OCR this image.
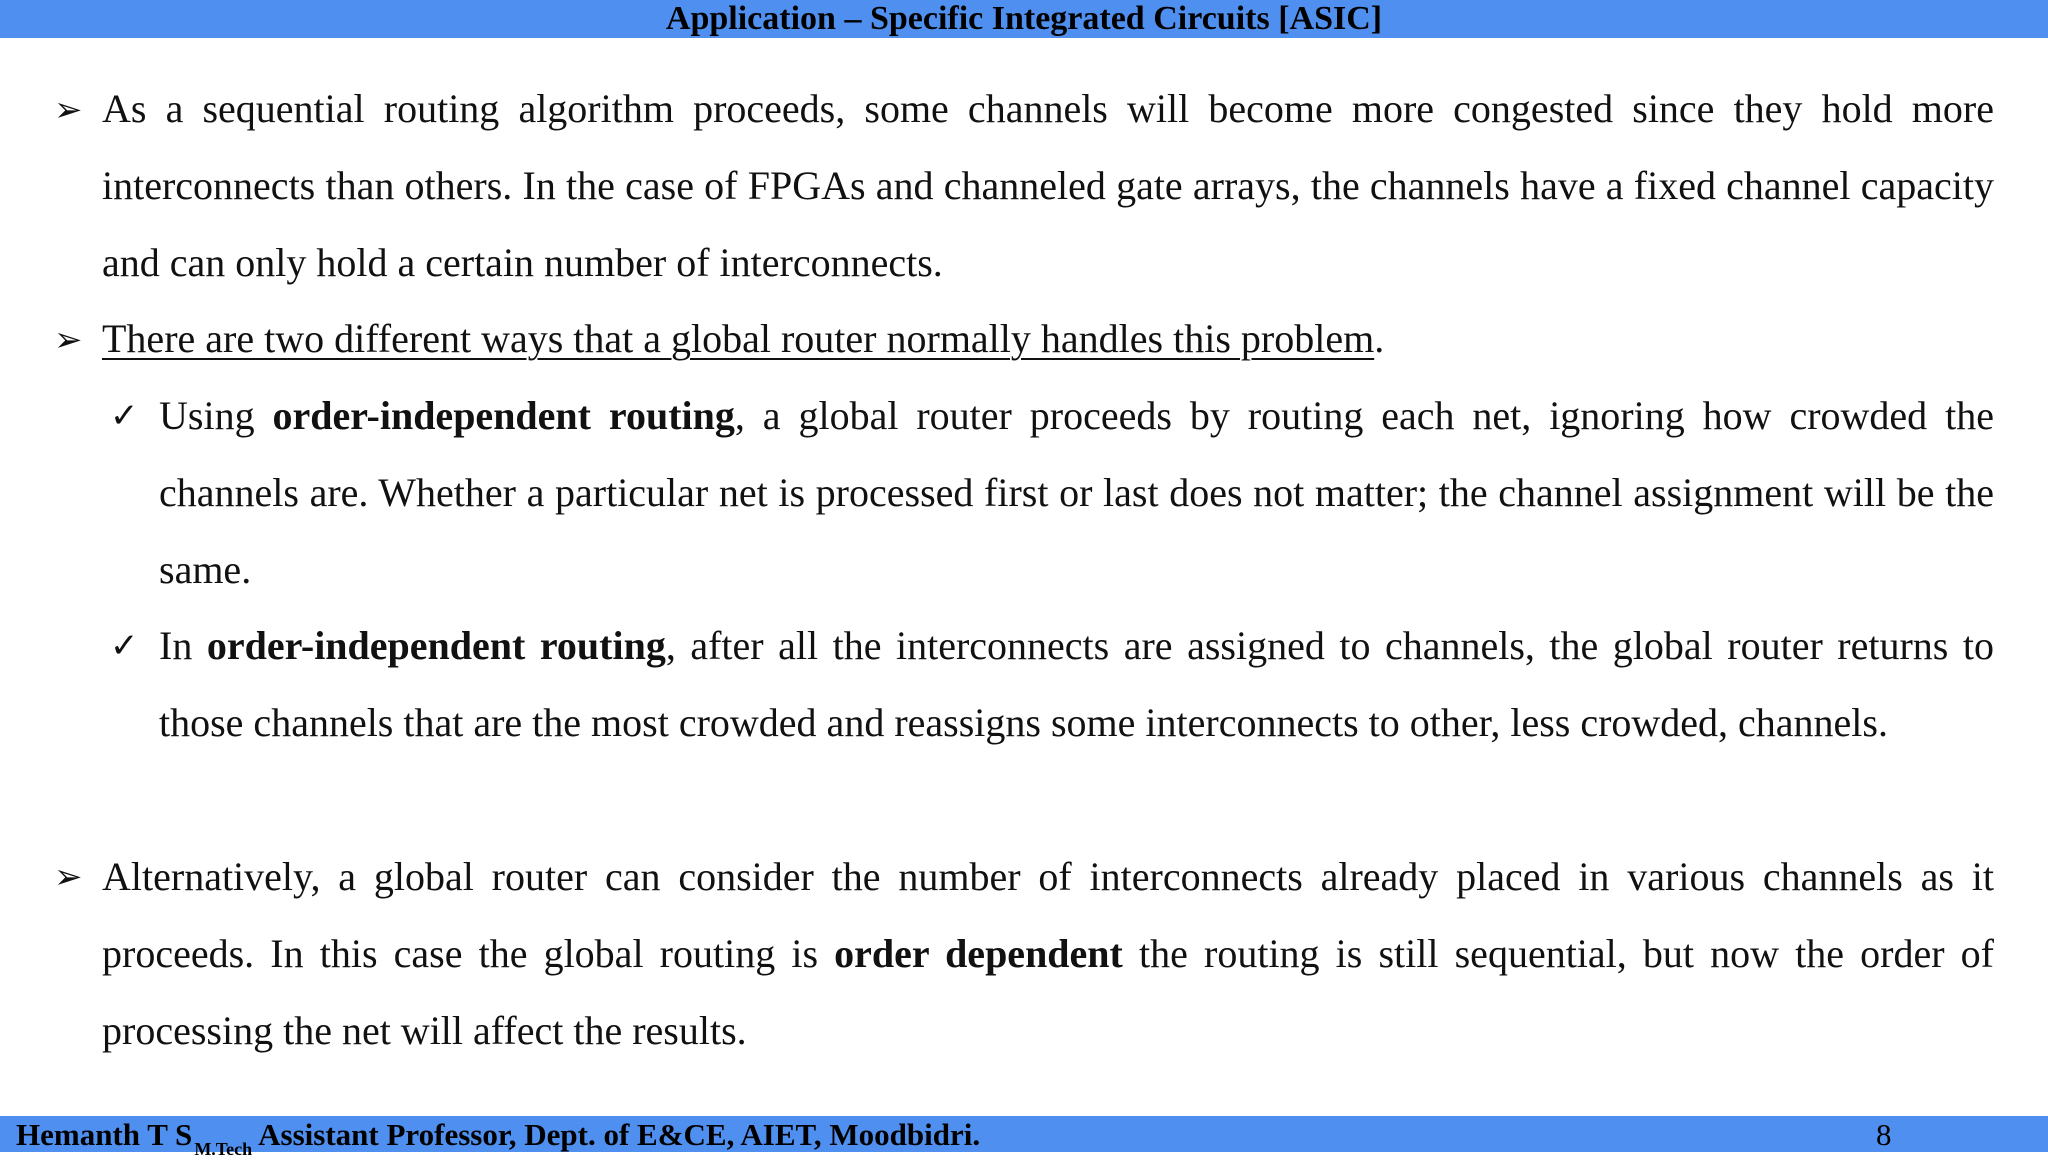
Application – Specific Integrated Circuits [ASIC]
➢ As a sequential routing algorithm proceeds, some channels will become more congested since they hold more interconnects than others. In the case of FPGAs and channeled gate arrays, the channels have a fixed channel capacity and can only hold a certain number of interconnects.
➢ There are two different ways that a global router normally handles this problem.
✓ Using order-independent routing, a global router proceeds by routing each net, ignoring how crowded the channels are. Whether a particular net is processed first or last does not matter; the channel assignment will be the same.
✓ In order-independent routing, after all the interconnects are assigned to channels, the global router returns to those channels that are the most crowded and reassigns some interconnects to other, less crowded, channels.
➢ Alternatively, a global router can consider the number of interconnects already placed in various channels as it proceeds. In this case the global routing is order dependent the routing is still sequential, but now the order of processing the net will affect the results.
Hemanth T S $_{M.Tech}$ Assistant Professor, Dept. of E&CE, AIET, Moodbidri.	8
